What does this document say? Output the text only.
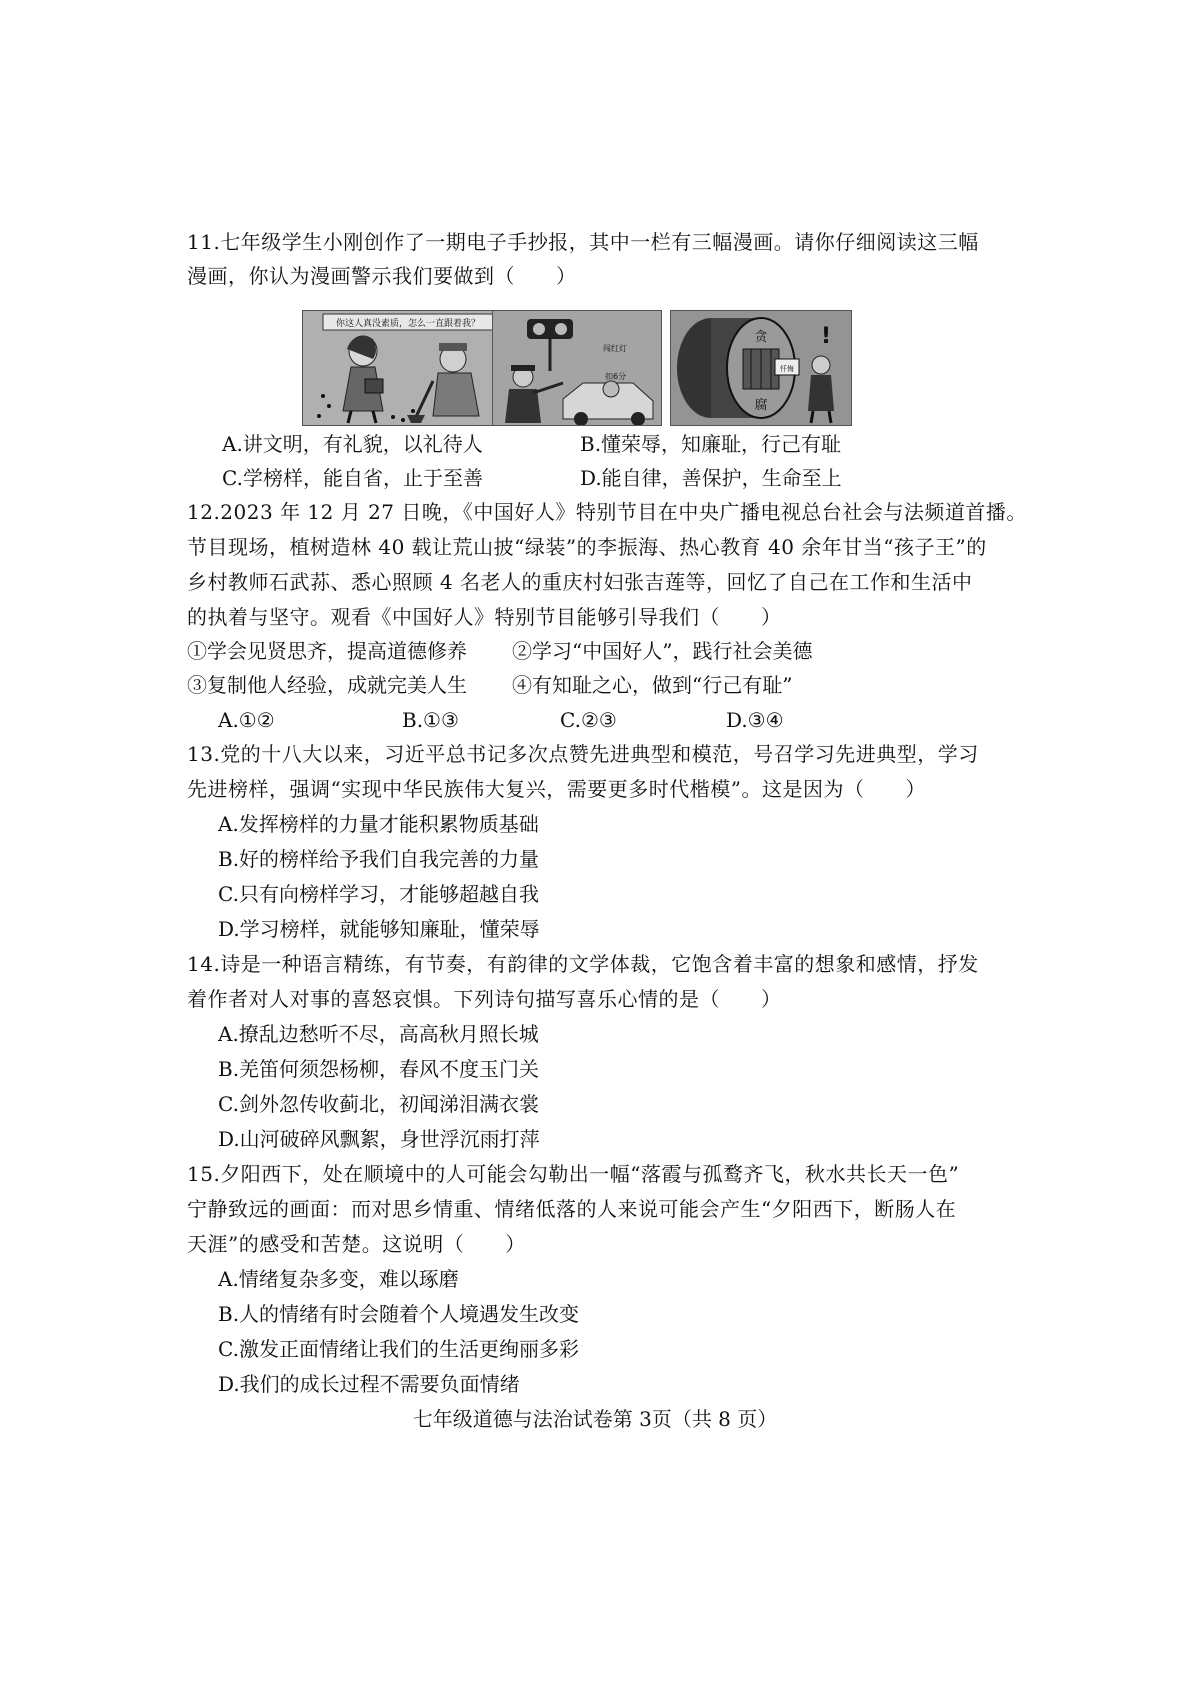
11.七年级学生小刚创作了一期电子手抄报，其中一栏有三幅漫画。请你仔细阅读这三幅
漫画，你认为漫画警示我们要做到（　　）
你这人真没素质，怎么一直跟着我？
闯红灯
扣6分
贪
腐
忏悔
!
A.讲文明，有礼貌，以礼待人	B.懂荣辱，知廉耻，行己有耻
C.学榜样，能自省，止于至善	D.能自律，善保护，生命至上
12.2023 年 12 月 27 日晚，《中国好人》特别节目在中央广播电视总台社会与法频道首播。
节目现场，植树造林 40 载让荒山披“绿装”的李振海、热心教育 40 余年甘当“孩子王”的
乡村教师石武荪、悉心照顾 4 名老人的重庆村妇张吉莲等，回忆了自己在工作和生活中
的执着与坚守。观看《中国好人》特别节目能够引导我们（　　）
①学会见贤思齐，提高道德修养 ②学习“中国好人”，践行社会美德
③复制他人经验，成就完美人生 ④有知耻之心，做到“行己有耻”
A.①②	B.①③	C.②③	D.③④
13.党的十八大以来，习近平总书记多次点赞先进典型和模范，号召学习先进典型，学习
先进榜样，强调“实现中华民族伟大复兴，需要更多时代楷模”。这是因为（　　）
A.发挥榜样的力量才能积累物质基础
B.好的榜样给予我们自我完善的力量
C.只有向榜样学习，才能够超越自我
D.学习榜样，就能够知廉耻，懂荣辱
14.诗是一种语言精练，有节奏，有韵律的文学体裁，它饱含着丰富的想象和感情，抒发
着作者对人对事的喜怒哀惧。下列诗句描写喜乐心情的是（　　）
A.撩乱边愁听不尽，高高秋月照长城
B.羌笛何须怨杨柳，春风不度玉门关
C.剑外忽传收蓟北，初闻涕泪满衣裳
D.山河破碎风飘絮，身世浮沉雨打萍
15.夕阳西下，处在顺境中的人可能会勾勒出一幅“落霞与孤鹜齐飞，秋水共长天一色”
宁静致远的画面：而对思乡情重、情绪低落的人来说可能会产生“夕阳西下，断肠人在
天涯”的感受和苦楚。这说明（　　）
A.情绪复杂多变，难以琢磨
B.人的情绪有时会随着个人境遇发生改变
C.激发正面情绪让我们的生活更绚丽多彩
D.我们的成长过程不需要负面情绪
七年级道德与法治试卷第 3页（共 8 页）
